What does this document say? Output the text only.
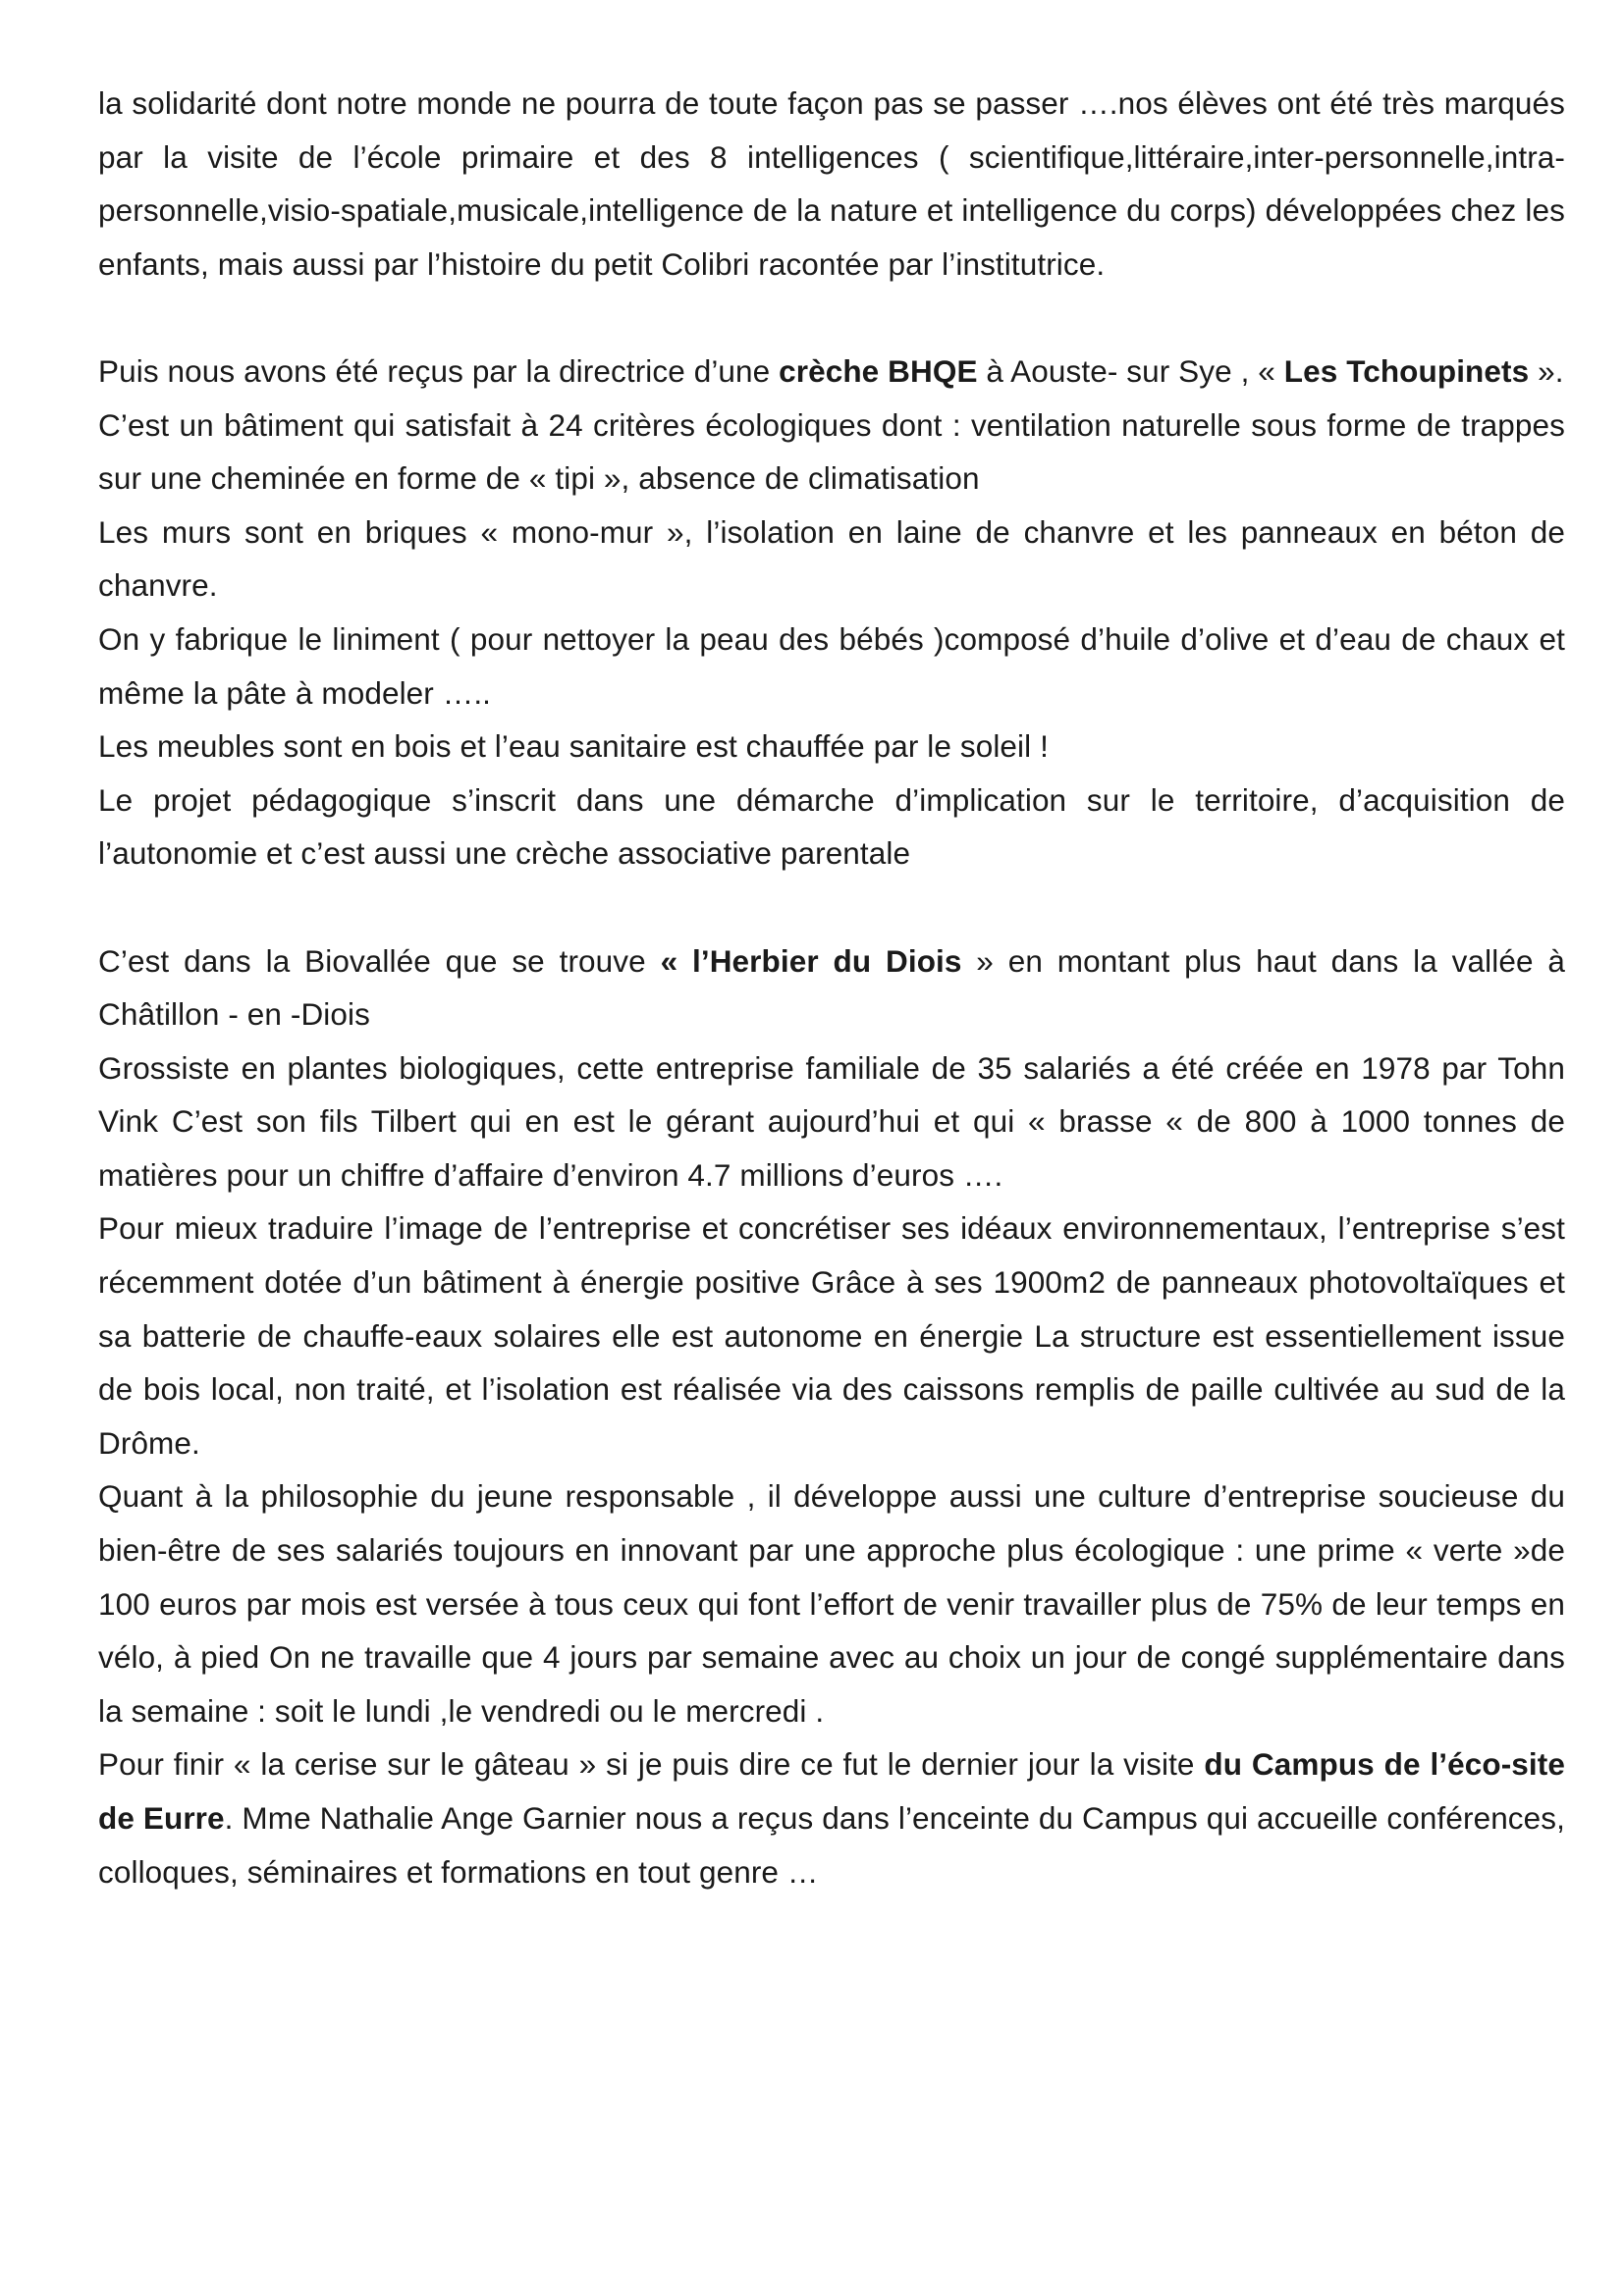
la solidarité dont notre monde ne pourra de toute façon pas se passer ….nos élèves ont été très marqués par la visite de l’école primaire et des 8 intelligences ( scientifique,littéraire,inter-personnelle,intra-personnelle,visio-spatiale,musicale,intelligence de la nature et intelligence du corps) développées chez les enfants, mais aussi par l’histoire du petit Colibri racontée par l’institutrice.

Puis nous avons été reçus par la directrice d’une crèche BHQE à Aouste- sur Sye , « Les Tchoupinets ».

C’est un bâtiment qui satisfait à 24 critères écologiques dont : ventilation naturelle sous forme de trappes sur une cheminée en forme de « tipi », absence de climatisation

Les murs sont en briques « mono-mur », l’isolation en laine de chanvre et les panneaux en béton de chanvre.

On y fabrique le liniment ( pour nettoyer la peau des bébés )composé d’huile d’olive et d’eau de chaux et même la pâte à modeler …..

Les meubles sont en bois et l’eau sanitaire est chauffée par le soleil !

Le projet pédagogique s’inscrit dans une démarche d’implication sur le territoire, d’acquisition de l’autonomie et c’est aussi une crèche associative parentale

C’est dans la Biovallée que se trouve « l’Herbier du Diois » en montant plus haut dans la vallée à Châtillon - en -Diois

Grossiste en plantes biologiques, cette entreprise familiale de 35 salariés a été créée en 1978 par Tohn Vink C’est son fils Tilbert qui en est le gérant aujourd’hui et qui « brasse « de 800 à 1000 tonnes de matières pour un chiffre d’affaire d’environ 4.7 millions d’euros ….

Pour mieux traduire l’image de l’entreprise et concrétiser ses idéaux environnementaux, l’entreprise s’est récemment dotée d’un bâtiment à énergie positive Grâce à ses 1900m2 de panneaux photovoltaïques et sa batterie de chauffe-eaux solaires elle est autonome en énergie La structure est essentiellement issue de bois local, non traité, et l’isolation est réalisée via des caissons remplis de paille cultivée au sud de la Drôme.

Quant à la philosophie du jeune responsable , il développe aussi une culture d’entreprise soucieuse du bien-être de ses salariés toujours en innovant par une approche plus écologique : une prime « verte »de 100 euros par mois est versée à tous ceux qui font l’effort de venir travailler plus de 75% de leur temps en vélo, à pied On ne travaille que 4 jours par semaine avec au choix un jour de congé supplémentaire dans la semaine : soit le lundi ,le vendredi ou le mercredi .

Pour finir « la cerise sur le gâteau » si je puis dire ce fut le dernier jour la visite du Campus de l’éco-site de Eurre. Mme Nathalie Ange Garnier nous a reçus dans l’enceinte du Campus qui accueille conférences, colloques, séminaires et formations en tout genre …
